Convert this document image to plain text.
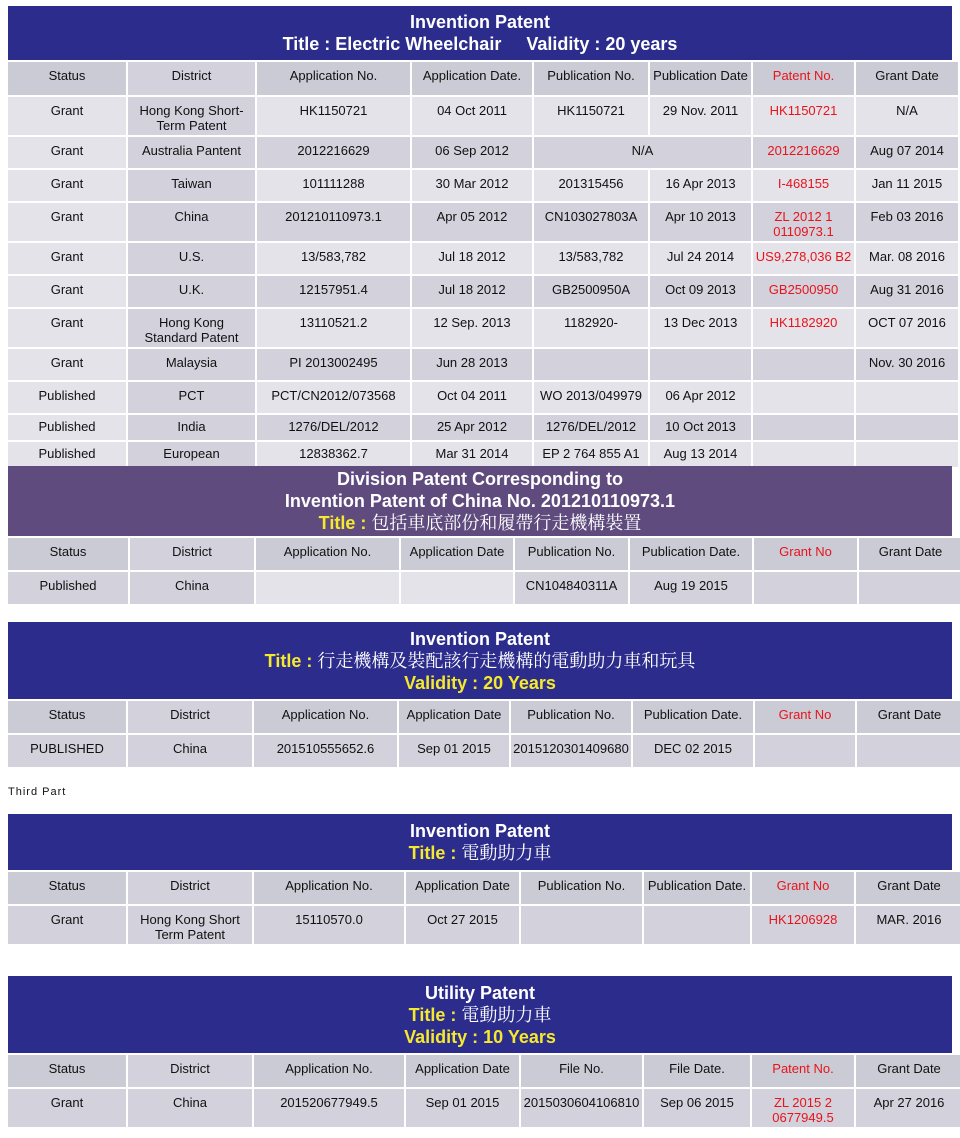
Invention Patent
Title : Electric Wheelchair     Validity : 20 years
Status	District	Application No.	Application Date.	Publication No.	Publication Date	Patent No.	Grant Date
Grant	Hong Kong Short-Term Patent	HK1150721	04 Oct 2011	HK1150721	29 Nov. 2011	HK1150721	N/A
Grant	Australia Pantent	2012216629	06 Sep 2012	N/A		2012216629	Aug 07 2014
Grant	Taiwan	101111288	30 Mar 2012	201315456	16 Apr 2013	I-468155	Jan 11 2015
Grant	China	201210110973.1	Apr 05 2012	CN103027803A	Apr 10 2013	ZL 2012 1 0110973.1	Feb 03 2016
Grant	U.S.	13/583,782	Jul 18 2012	13/583,782	Jul 24 2014	US9,278,036 B2	Mar. 08 2016
Grant	U.K.	12157951.4	Jul 18 2012	GB2500950A	Oct 09 2013	GB2500950	Aug 31 2016
Grant	Hong Kong Standard Patent	13110521.2	12 Sep. 2013	1182920-	13 Dec 2013	HK1182920	OCT 07 2016
Grant	Malaysia	PI 2013002495	Jun 28 2013				Nov. 30 2016
Published	PCT	PCT/CN2012/073568	Oct 04 2011	WO 2013/049979	06 Apr 2012		
Published	India	1276/DEL/2012	25 Apr 2012	1276/DEL/2012	10 Oct 2013		
Published	European	12838362.7	Mar 31 2014	EP 2 764 855 A1	Aug 13 2014		
Division Patent Corresponding to
Invention Patent of China No. 201210110973.1
Title : 包括車底部份和履帶行走機構裝置
Status	District	Application No.	Application Date	Publication No.	Publication Date.	Grant No	Grant Date
Published	China			CN104840311A	Aug 19 2015		
Invention Patent
Title : 行走機構及裝配該行走機構的電動助力車和玩具
Validity : 20 Years
Status	District	Application No.	Application Date	Publication No.	Publication Date.	Grant No	Grant Date
PUBLISHED	China	201510555652.6	Sep 01 2015	2015120301409680	DEC 02 2015		
Third Part
Invention Patent
Title : 電動助力車
Status	District	Application No.	Application Date	Publication No.	Publication Date.	Grant No	Grant Date
Grant	Hong Kong Short Term Patent	15110570.0	Oct 27 2015			HK1206928	MAR. 2016
Utility Patent
Title : 電動助力車
Validity : 10 Years
Status	District	Application No.	Application Date	File No.	File Date.	Patent No.	Grant Date
Grant	China	201520677949.5	Sep 01 2015	2015030604106810	Sep 06 2015	ZL 2015 2 0677949.5	Apr 27 2016
